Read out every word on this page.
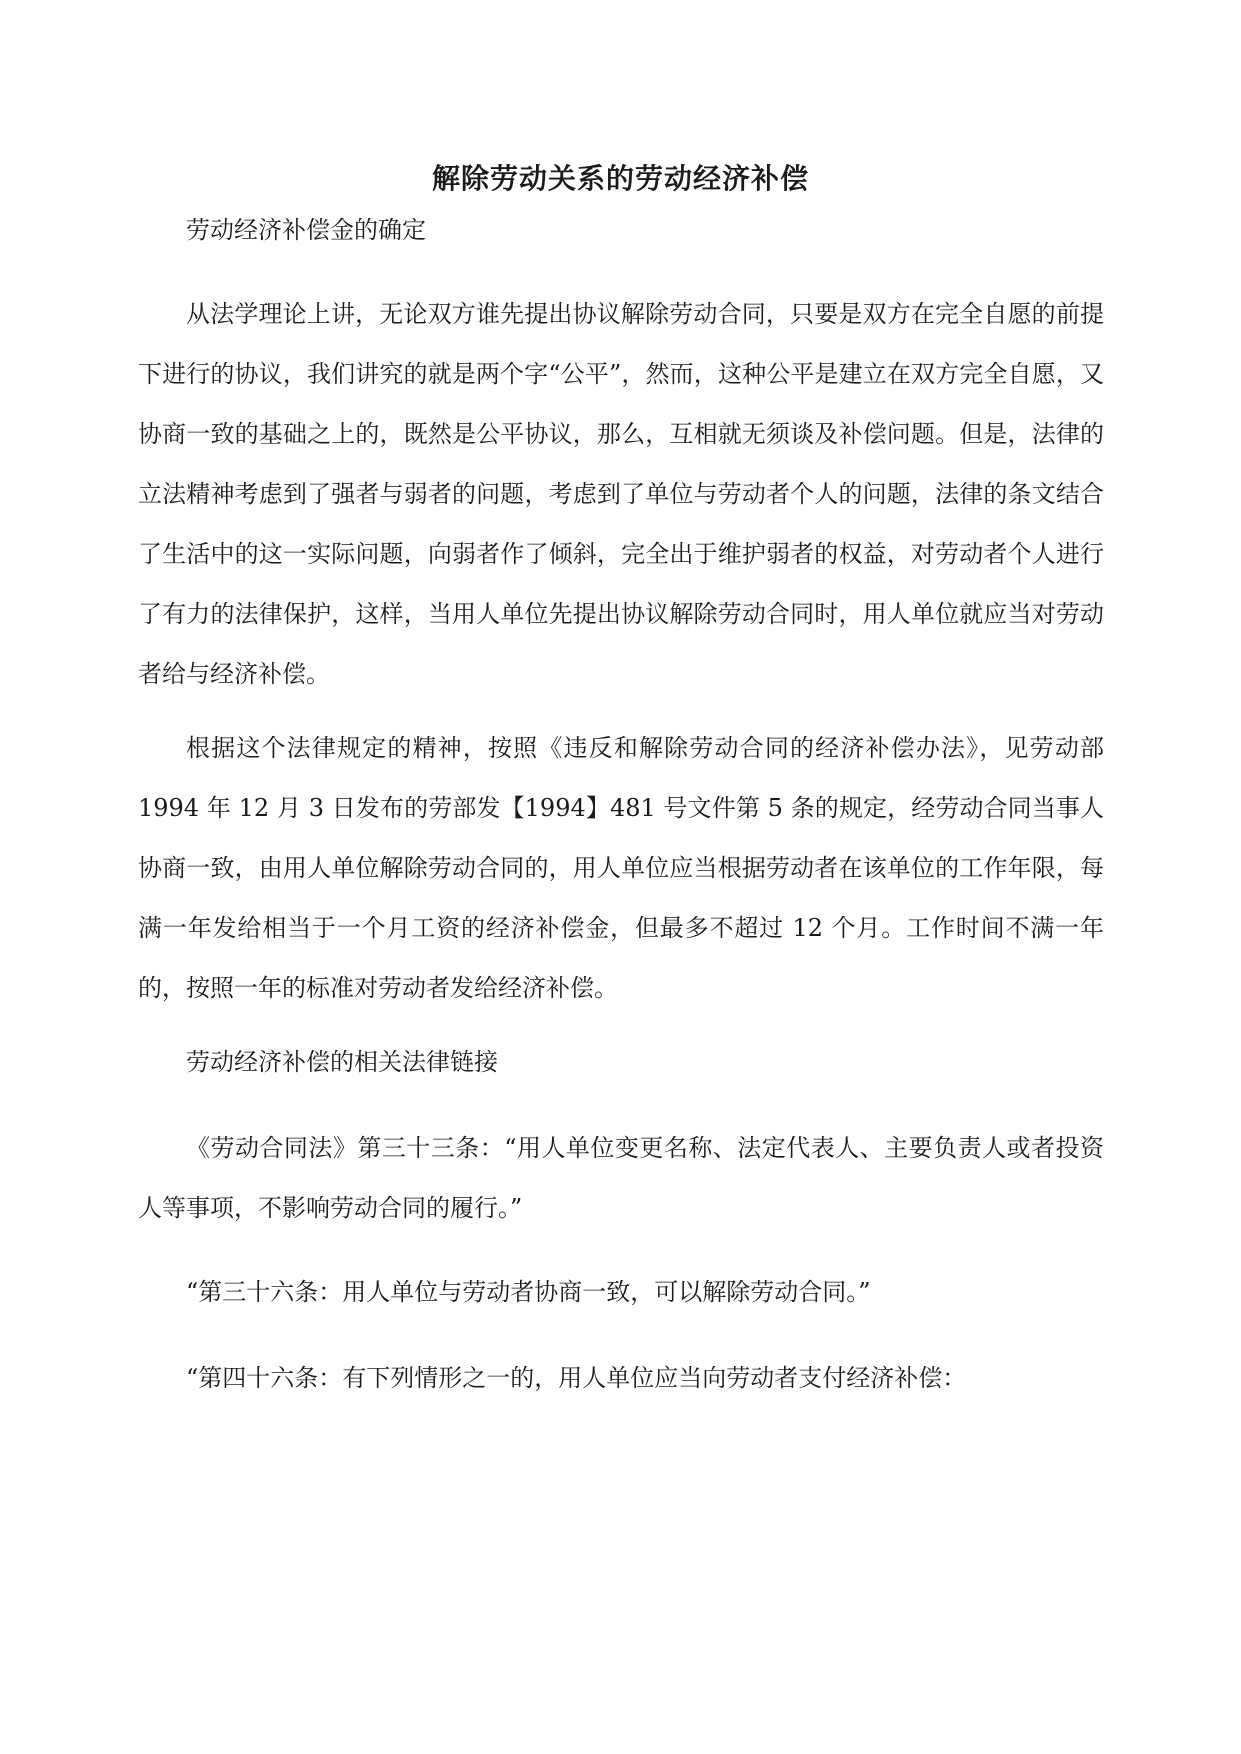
解除劳动关系的劳动经济补偿

劳动经济补偿金的确定

从法学理论上讲，无论双方谁先提出协议解除劳动合同，只要是双方在完全自愿的前提下进行的协议，我们讲究的就是两个字“公平”，然而，这种公平是建立在双方完全自愿，又协商一致的基础之上的，既然是公平协议，那么，互相就无须谈及补偿问题。但是，法律的立法精神考虑到了强者与弱者的问题，考虑到了单位与劳动者个人的问题，法律的条文结合了生活中的这一实际问题，向弱者作了倾斜，完全出于维护弱者的权益，对劳动者个人进行了有力的法律保护，这样，当用人单位先提出协议解除劳动合同时，用人单位就应当对劳动者给与经济补偿。

根据这个法律规定的精神，按照《违反和解除劳动合同的经济补偿办法》，见劳动部 1994 年 12 月 3 日发布的劳部发【1994】481 号文件第 5 条的规定，经劳动合同当事人协商一致，由用人单位解除劳动合同的，用人单位应当根据劳动者在该单位的工作年限，每满一年发给相当于一个月工资的经济补偿金，但最多不超过 12 个月。工作时间不满一年的，按照一年的标准对劳动者发给经济补偿。

劳动经济补偿的相关法律链接

《劳动合同法》第三十三条：“用人单位变更名称、法定代表人、主要负责人或者投资人等事项，不影响劳动合同的履行。”

“第三十六条：用人单位与劳动者协商一致，可以解除劳动合同。”

“第四十六条：有下列情形之一的，用人单位应当向劳动者支付经济补偿：
